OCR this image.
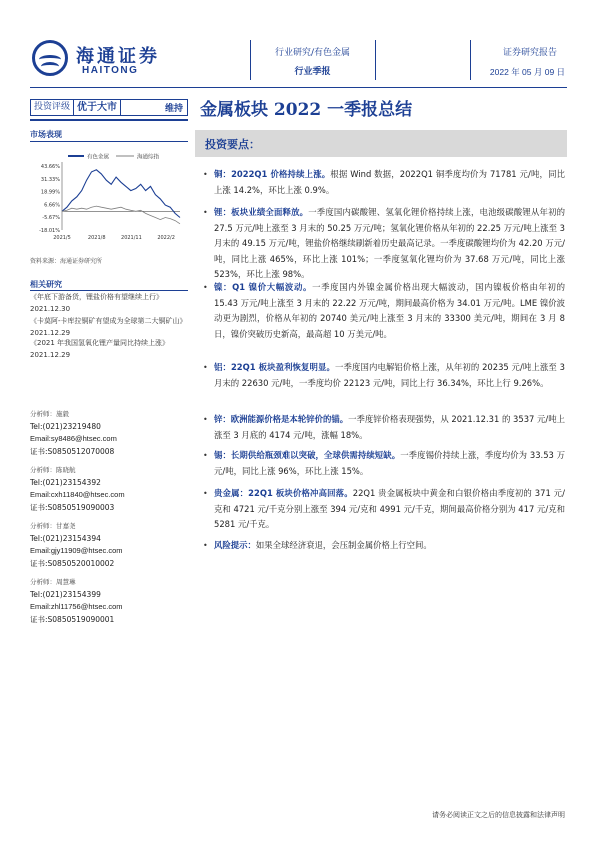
海通证券
HAITONG
行业研究/有色金属
行业季报
证券研究报告
2022 年 05 月 09 日
投资评级 优于大市	维持 金属板块 2022 一季报总结
市场表现
有色金属	海通综指
43.66%
31.33%
18.99%
6.66%
-5.67%
-18.01%
2021/5	2021/8	2021/11	2022/2
资料来源：海通证券研究所
相关研究
《年底下游备货，锂盐价格有望继续上行》 2021.12.30
《卡莫阿-卡库拉铜矿有望成为全球第二大铜矿山》 2021.12.29
《2021 年我国氢氧化锂产量同比持续上涨》 2021.12.29
分析师：施毅
Tel:(021)23219480
Email:sy8486@htsec.com
证书:S0850512070008
分析师：陈晓航
Tel:(021)23154392
Email:cxh11840@htsec.com
证书:S0850519090003
分析师：甘嘉尧
Tel:(021)23154394
Email:gjy11909@htsec.com
证书:S0850520010002
分析师：周慧琳
Tel:(021)23154399
Email:zhl11756@htsec.com
证书:S0850519090001
投资要点：
• 铜：2022Q1 价格持续上涨。根据 Wind 数据，2022Q1 铜季度均价为 71781 元/吨，同比上涨 14.2%，环比上涨 0.9%。
• 锂：板块业绩全面释放。一季度国内碳酸锂、氢氧化锂价格持续上涨，电池级碳酸锂从年初的 27.5 万元/吨上涨至 3 月末的 50.25 万元/吨；氢氧化锂价格从年初的 22.25 万元/吨上涨至 3 月末的 49.15 万元/吨，锂盐价格继续刷新着历史最高记录。一季度碳酸锂均价为 42.20 万元/吨，同比上涨 465%，环比上涨 101%；一季度氢氧化锂均价为 37.68 万元/吨，同比上涨 523%，环比上涨 98%。
• 镍：Q1 镍价大幅波动。一季度国内外镍金属价格出现大幅波动，国内镍板价格由年初的 15.43 万元/吨上涨至 3 月末的 22.22 万元/吨，期间最高价格为 34.01 万元/吨。LME 镍价波动更为剧烈，价格从年初的 20740 美元/吨上涨至 3 月末的 33300 美元/吨，期间在 3 月 8 日，镍价突破历史新高，最高超 10 万美元/吨。
• 铝：22Q1 板块盈利恢复明显。一季度国内电解铝价格上涨，从年初的 20235 元/吨上涨至 3 月末的 22630 元/吨，一季度均价 22123 元/吨，同比上行 36.34%，环比上行 9.26%。
• 锌：欧洲能源价格是本轮锌价的锚。一季度锌价格表现强势，从 2021.12.31 的 3537 元/吨上涨至 3 月底的 4174 元/吨，涨幅 18%。
• 锡：长期供给瓶颈难以突破，全球供需持续短缺。一季度锡价持续上涨，季度均价为 33.53 万元/吨，同比上涨 96%，环比上涨 15%。
• 贵金属：22Q1 板块价格冲高回落。22Q1 贵金属板块中黄金和白银价格由季度初的 371 元/克和 4721 元/千克分别上涨至 394 元/克和 4991 元/千克，期间最高价格分别为 417 元/克和 5281 元/千克。
• 风险提示：如果全球经济衰退，会压制金属价格上行空间。
请务必阅读正文之后的信息披露和法律声明
